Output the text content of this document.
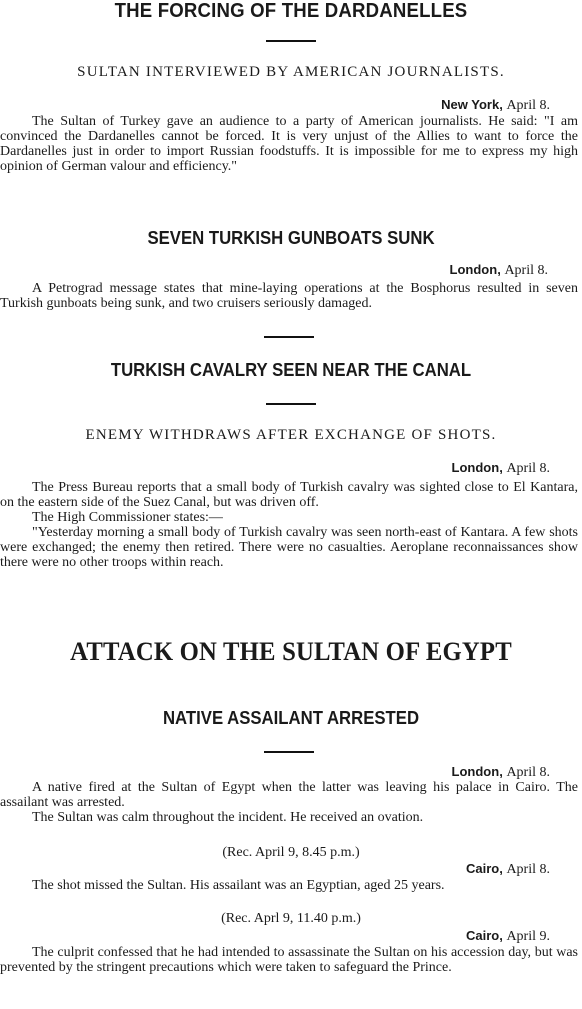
THE FORCING OF THE DARDANELLES
SULTAN INTERVIEWED BY AMERICAN JOURNALISTS.
New York, April 8.

The Sultan of Turkey gave an audience to a party of American journalists. He said: "I am convinced the Dardanelles cannot be forced. It is very unjust of the Allies to want to force the Dardanelles just in order to import Russian foodstuffs. It is impossible for me to express my high opinion of German valour and efficiency."

SEVEN TURKISH GUNBOATS SUNK
London, April 8.

A Petrograd message states that mine-laying operations at the Bosphorus resulted in seven Turkish gunboats being sunk, and two cruisers seriously damaged.

TURKISH CAVALRY SEEN NEAR THE CANAL
ENEMY WITHDRAWS AFTER EXCHANGE OF SHOTS.
London, April 8.

The Press Bureau reports that a small body of Turkish cavalry was sighted close to El Kantara, on the eastern side of the Suez Canal, but was driven off.

The High Commissioner states:—

"Yesterday morning a small body of Turkish cavalry was seen north-east of Kantara. A few shots were exchanged; the enemy then retired. There were no casualties. Aeroplane reconnaissances show there were no other troops within reach.

ATTACK ON THE SULTAN OF EGYPT
NATIVE ASSAILANT ARRESTED
London, April 8.

A native fired at the Sultan of Egypt when the latter was leaving his palace in Cairo. The assailant was arrested.

The Sultan was calm throughout the incident. He received an ovation.

(Rec. April 9, 8.45 p.m.)
Cairo, April 8.

The shot missed the Sultan. His assailant was an Egyptian, aged 25 years.

(Rec. Aprl 9, 11.40 p.m.)
Cairo, April 9.

The culprit confessed that he had intended to assassinate the Sultan on his accession day, but was prevented by the stringent precautions which were taken to safeguard the Prince.
